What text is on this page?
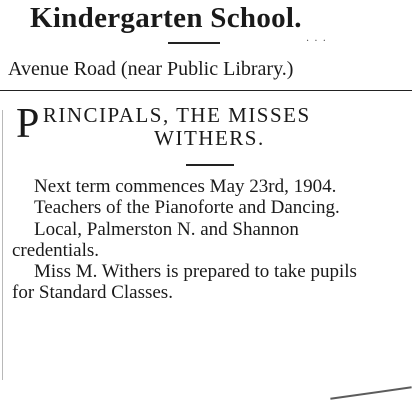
Kindergarten School.
· · ·
Avenue Road (near Public Library.)
P RINCIPALS, THE MISSES
WITHERS.

Next term commences May 23rd, 1904.

Teachers of the Pianoforte and Dancing.

Local, Palmerston N. and Shannon credentials.

Miss M. Withers is prepared to take pupils for Standard Classes.
